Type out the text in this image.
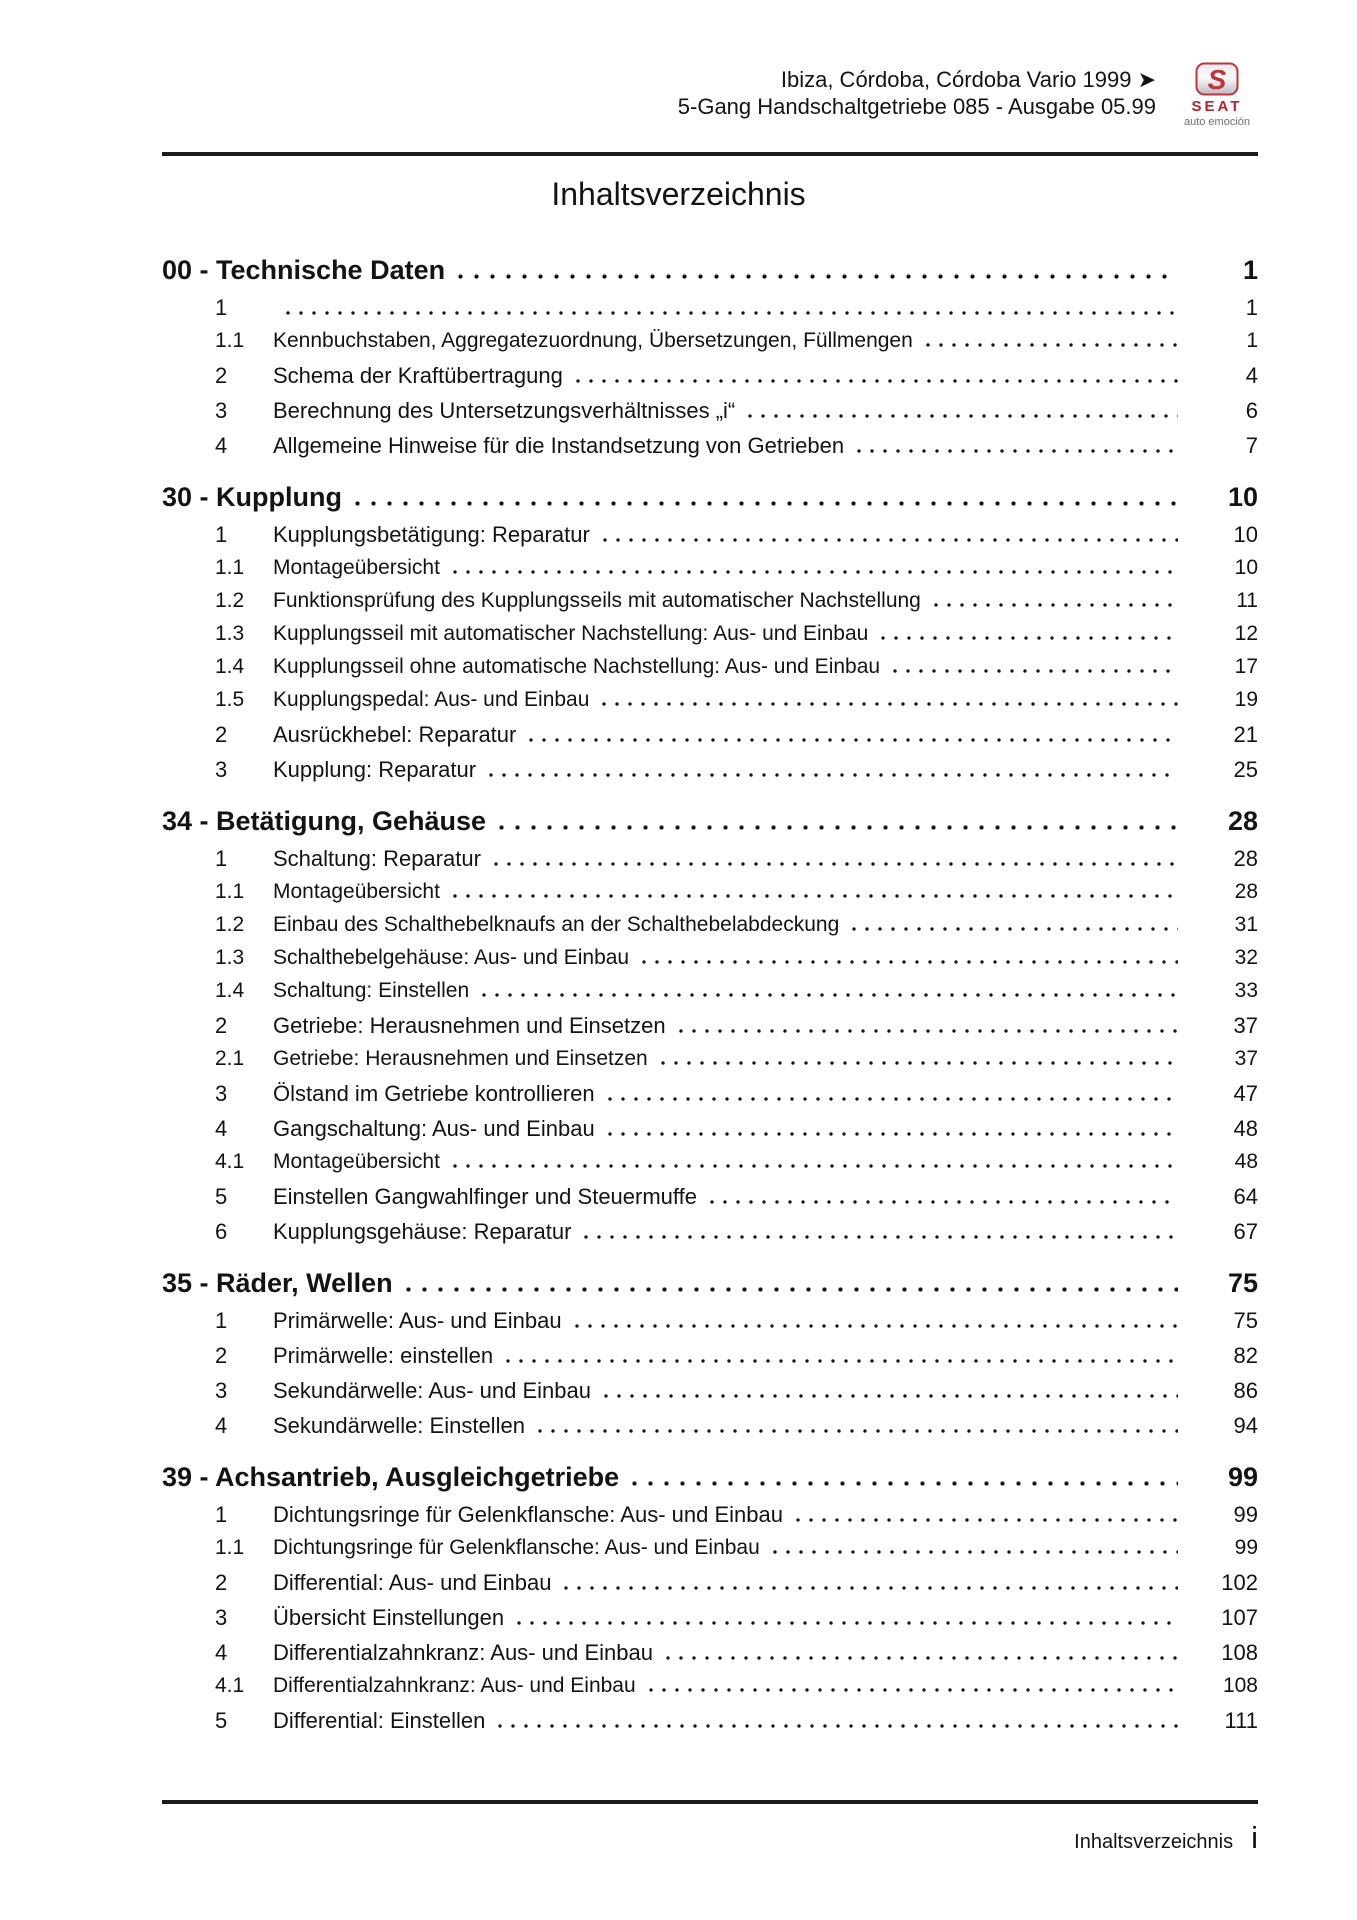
Ibiza, Córdoba, Córdoba Vario 1999 ➤
5-Gang Handschaltgetriebe 085 - Ausgabe 05.99
S
SEAT
auto emoción
Inhaltsverzeichnis
00 - Technische Daten	1
1	1
1.1	Kennbuchstaben, Aggregatezuordnung, Übersetzungen, Füllmengen	1
2	Schema der Kraftübertragung	4
3	Berechnung des Untersetzungsverhältnisses „i“	6
4	Allgemeine Hinweise für die Instandsetzung von Getrieben	7
30 - Kupplung	10
1	Kupplungsbetätigung: Reparatur	10
1.1	Montageübersicht	10
1.2	Funktionsprüfung des Kupplungsseils mit automatischer Nachstellung	11
1.3	Kupplungsseil mit automatischer Nachstellung: Aus- und Einbau	12
1.4	Kupplungsseil ohne automatische Nachstellung: Aus- und Einbau	17
1.5	Kupplungspedal: Aus- und Einbau	19
2	Ausrückhebel: Reparatur	21
3	Kupplung: Reparatur	25
34 - Betätigung, Gehäuse	28
1	Schaltung: Reparatur	28
1.1	Montageübersicht	28
1.2	Einbau des Schalthebelknaufs an der Schalthebelabdeckung	31
1.3	Schalthebelgehäuse: Aus- und Einbau	32
1.4	Schaltung: Einstellen	33
2	Getriebe: Herausnehmen und Einsetzen	37
2.1	Getriebe: Herausnehmen und Einsetzen	37
3	Ölstand im Getriebe kontrollieren	47
4	Gangschaltung: Aus- und Einbau	48
4.1	Montageübersicht	48
5	Einstellen Gangwahlfinger und Steuermuffe	64
6	Kupplungsgehäuse: Reparatur	67
35 - Räder, Wellen	75
1	Primärwelle: Aus- und Einbau	75
2	Primärwelle: einstellen	82
3	Sekundärwelle: Aus- und Einbau	86
4	Sekundärwelle: Einstellen	94
39 - Achsantrieb, Ausgleichgetriebe	99
1	Dichtungsringe für Gelenkflansche: Aus- und Einbau	99
1.1	Dichtungsringe für Gelenkflansche: Aus- und Einbau	99
2	Differential: Aus- und Einbau	102
3	Übersicht Einstellungen	107
4	Differentialzahnkranz: Aus- und Einbau	108
4.1	Differentialzahnkranz: Aus- und Einbau	108
5	Differential: Einstellen	111
Inhaltsverzeichnis i
